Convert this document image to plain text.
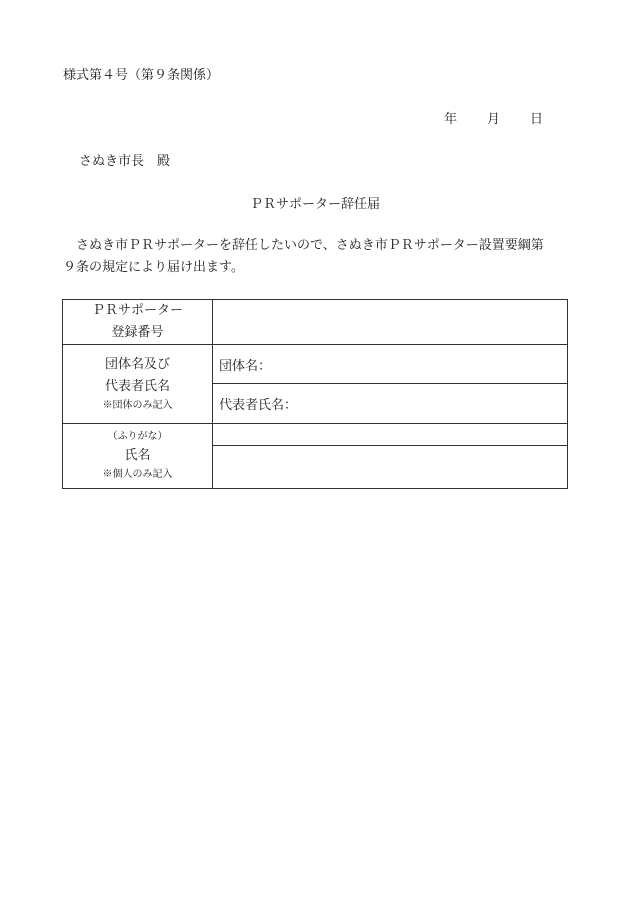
様式第４号（第９条関係）
年 月 日
さぬき市長　殿
ＰＲサポーター辞任届
さぬき市ＰＲサポーターを辞任したいので、さぬき市ＰＲサポーター設置要綱第
９条の規定により届け出ます。
ＰＲサポーター
登録番号	

団体名及び
代表者氏名
※団体のみ記入	団体名：
	代表者氏名：

（ふりがな）
氏名
※個人のみ記入	
